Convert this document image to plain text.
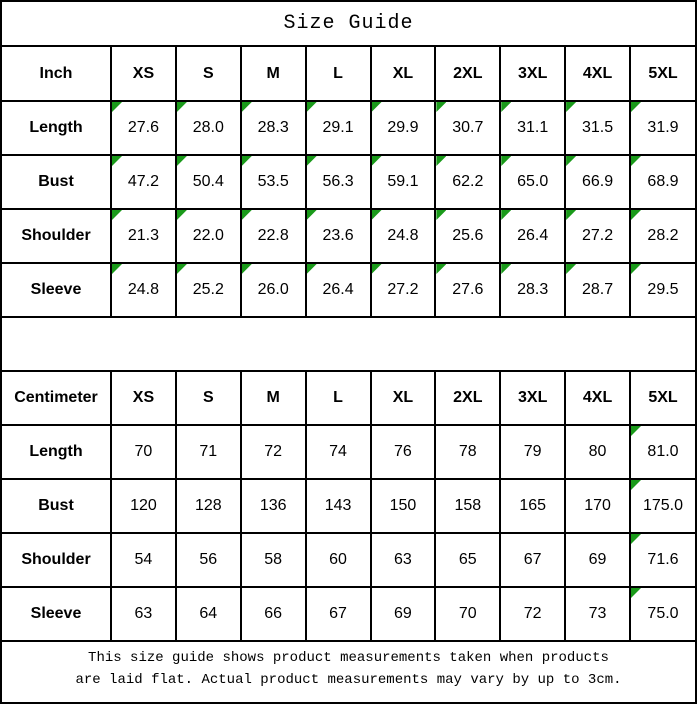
Size Guide
Inch	XS	S	M	L	XL	2XL	3XL	4XL	5XL
Length	27.6	28.0	28.3	29.1	29.9	30.7	31.1	31.5	31.9
Bust	47.2	50.4	53.5	56.3	59.1	62.2	65.0	66.9	68.9
Shoulder	21.3	22.0	22.8	23.6	24.8	25.6	26.4	27.2	28.2
Sleeve	24.8	25.2	26.0	26.4	27.2	27.6	28.3	28.7	29.5
Centimeter	XS	S	M	L	XL	2XL	3XL	4XL	5XL
Length	70	71	72	74	76	78	79	80	81.0
Bust	120	128	136	143	150	158	165	170	175.0
Shoulder	54	56	58	60	63	65	67	69	71.6
Sleeve	63	64	66	67	69	70	72	73	75.0
This size guide shows product measurements taken when products
are laid flat. Actual product measurements may vary by up to 3cm.
